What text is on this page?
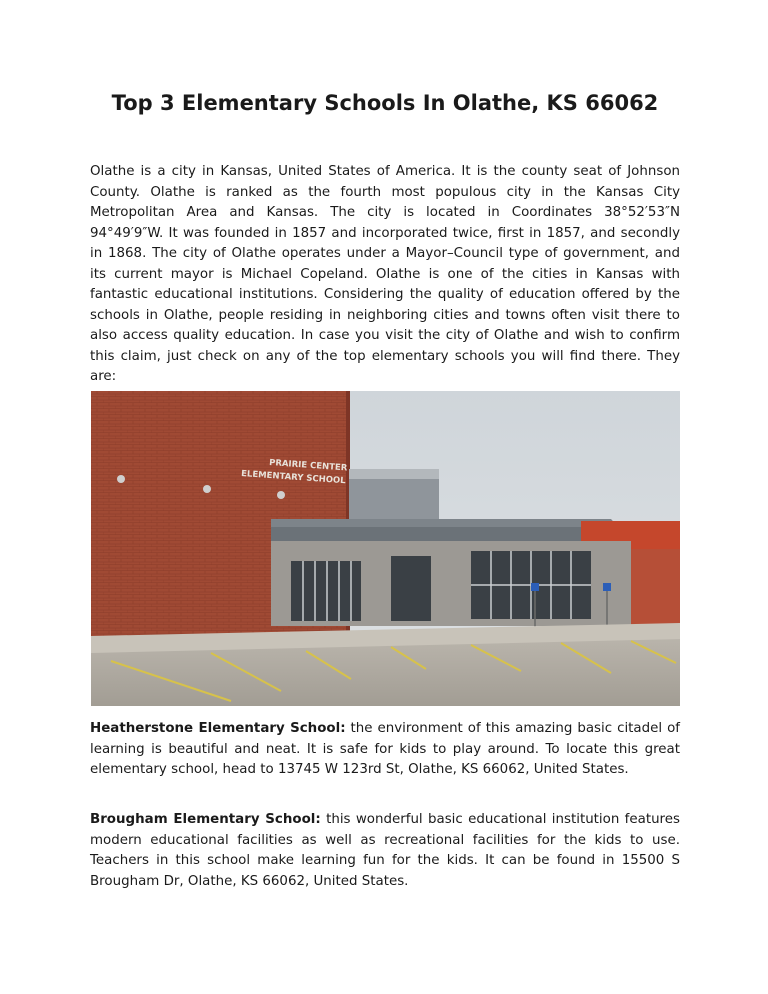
Top 3 Elementary Schools In Olathe, KS 66062

Olathe is a city in Kansas, United States of America. It is the county seat of Johnson County. Olathe is ranked as the fourth most populous city in the Kansas City Metropolitan Area and Kansas. The city is located in Coordinates 38°52′53″N 94°49′9″W. It was founded in 1857 and incorporated twice, first in 1857, and secondly in 1868. The city of Olathe operates under a Mayor–Council type of government, and its current mayor is Michael Copeland. Olathe is one of the cities in Kansas with fantastic educational institutions. Considering the quality of education offered by the schools in Olathe, people residing in neighboring cities and towns often visit there to also access quality education. In case you visit the city of Olathe and wish to confirm this claim, just check on any of the top elementary schools you will find there. They are:

PRAIRIE CENTER
ELEMENTARY SCHOOL

Heatherstone Elementary School: the environment of this amazing basic citadel of learning is beautiful and neat. It is safe for kids to play around. To locate this great elementary school, head to 13745 W 123rd St, Olathe, KS 66062, United States.

Brougham Elementary School: this wonderful basic educational institution features modern educational facilities as well as recreational facilities for the kids to use. Teachers in this school make learning fun for the kids. It can be found in 15500 S Brougham Dr, Olathe, KS 66062, United States.
